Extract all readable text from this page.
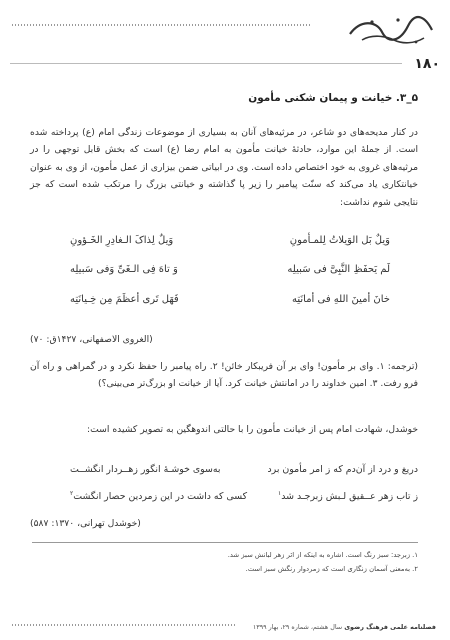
۱۸۰
۵_۳. خیانت و پیمان شکنی مأمون
در کنار مدیحه‌های دو شاعر، در مرثیه‌های آنان به بسیاری از موضوعات زندگی امام (ع) پرداخته شده است. از جملهٔ این موارد، حادثهٔ خیانت مأمون به امام رضا (ع) است که بخش قابل توجهی را در مرثیه‌های غروی به خود اختصاص داده است. وی در ابیاتی ضمن بیزاری از عمل مأمون، از وی به عنوان خیانتکاری یاد می‌کند که سنّت پیامبر را زیر پا گذاشته و خیانتی بزرگ را مرتکب شده است که جز نتایجی شوم نداشت:
وَیلٌ بَل الوَیلاتُ لِلمـأمونِ
وَیلٌ لِذاکَ الـغادِرِ الخَـؤونِ
لَم یَحفَظِ النَّبِیَّ فی سَبیلِه
وَ تاهَ فِی الـغَیِّ وَفی سَبیلِه
خانَ أمینَ اللهِ فی أمانَتِه
فَهَل تَری أعظَمَ مِن خِـیانَتِه
(الغروی الاصفهانی، ۱۴۲۷ق: ۷۰)
(ترجمه: ۱. وای بر مأمون! وای بر آن فریبکار خائن! ۲. راه پیامبر را حفظ نکرد و در گمراهی و راه آن فرو رفت. ۳. امین خداوند را در امانتش خیانت کرد. آیا از خیانت او بزرگ‌تر می‌بینی؟)
خوشدل، شهادت امام پس از خیانت مأمون را با حالتی اندوهگین به تصویر کشیده است:
دریغ و درد از آن‌دم که ز امر مأمون برد
به‌سوی خوشـهٔ انگور زهــردار انگشــت
ز تاب زهر عــقیق لـبش زبرجـد شد$^۱$
کسی که داشت در این زمردین حصار انگشت$^۲$
(خوشدل تهرانی، ۱۳۷۰: ۵۸۷)
۱. زبرجد: سبز رنگ است. اشاره به اینکه از اثر زهر لبانش سبز شد.
۲. به‌معنی آسمان زنگاری است که زمردوار رنگش سبز است.
فصلنامه علمی فرهنگ رضوی سال هشتم، شماره ۲۹، بهار ۱۳۹۹
